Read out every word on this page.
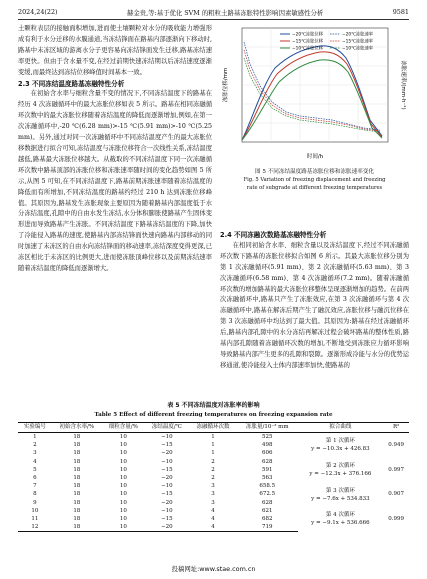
2024,24(22)	赫金贵,等:基于优化 SVM 的粗粒土路基冻胀特性影响因素敏感性分析	9581

土颗粒表层的接触面积增加,进而使土壤颗粒对水分的吸收能力增强形成有利于水分迁移的水膜通道,当冻结锋面在路基内部逐渐向下移动时,路基中未冻区域的游离水分子更容易向冻结锋面发生迁移,路基冻结速率更快。但由于含水量不变,在经过前期快速冻结期以后冻结速度逐渐变缓,而最终达到冻结位移峰值时间基本一致。

2.3 不同冻结温度路基冻融特性分析

在初始含水率与细粒含量不变的情况下,不同冻结温度下的路基在经历 4 次冻融循环中的最大冻胀位移如表 5 所示。路基在相同冻融循环次数中的最大冻胀位移随着冻结温度的降低而逐渐增加,例如,在第一次冻融循环中,-20 ℃(6.28 mm)>-15 ℃(5.91 mm)>-10 ℃(5.25 mm)。另外,通过对同一次冻融循环中不同冻结温度产生的最大冻胀位移数据进行拟合可知,冻结温度与冻胀位移符合一次线性关系,冻结温度越低,路基最大冻胀位移越大。从截取的不同冻结温度下同一次冻融循环次数中路基顶部的冻胀位移和冻胀速率随时间的变化趋势如图 5 所示,从图 5 可知,在不同冻结温度下,路基前期冻胀速率随着冻结温度的降低而有所增加,不同冻结温度的路基约经过 210 h 达到冻胀位移峰值。其原因为,路基发生冻胀现象主要原因为随着路基内部温度低于水分冻结温度,孔隙中的自由水发生冻结,水分体积膨胀使路基产生固体变形进而导致路基产生冻胀。不同冻结温度下路基冻结温度的下降,加快了冷能侵入路基的速度,使路基内部冻结锋面快速向路基内部移动的同时加速了未冻区的自由水向冻结锋面的移动速率,冻结深度变得更深,已冻区相比于未冻区的比例更大,进而使冻胀顶峰位移以及前期冻结速率随着冻结温度的降低而逐渐增大。

时间/h
冻胀位移/mm	冻胀速率/(mm·h⁻¹)
−20℃冻胀位移
−15℃冻胀位移
−10℃冻胀位移
−20℃冻胀速率
−15℃冻胀速率
−10℃冻胀速率
图 5 不同冻结温度路基冻胀位移和冻胀速率变化
Fig. 5 Variation of freezing displacement and freezing
rate of subgrade at different freezing temperatures

2.4 不同冻融次数路基冻融特性分析

在相同初始含水率、细粒含量以及冻结温度下,经过不同冻融循环次数下路基的冻胀位移拟合如图 6 所示。其最大冻胀位移分别为第 1 次冻融循环(5.91 mm)、第 2 次冻融循环(5.63 mm)、第 3 次冻融循环(6.58 mm)、第 4 次冻融循环(7.2 mm)。随着冻融循环次数的增加路基的最大冻胀位移整体呈现逐渐增加的趋势。在前两次冻融循环中,路基只产生了冻胀效应,在第 3 次冻融循环与第 4 次冻融循环中,路基在解冻后期产生了融沉效应,冻胀位移与融沉位移在第 3 次冻融循环中均达到了最大值。其原因为:路基在经过冻融循环后,路基内部孔隙中的水分冻结再解冻过程会破坏路基的整体性质,路基内部孔隙随着冻融循环次数的增加,不断地受到冻胀应力循环影响导致路基内部产生更多的孔隙和裂隙。逐渐形成冷能与水分的优势运移通道,使冷能侵入土体内部速率加快,使路基的

表 5 不同冻结温度对冻胀率的影响
Table 5 Effect of different freezing temperatures on freezing expansion rate
实验编号	初始含水率/%	细粒含量/%	冻结温度/℃	冻融循环次数	冻胀量/10⁻³ mm	拟合曲线	R²
1	18	10	−10	1	525	第 1 次循环
y = −10.3x + 426.83	0.949
2	18	10	−15	1	498		
3	18	10	−20	1	606		
4	18	10	−10	2	628	第 2 次循环
y = −12.3x + 376.166	0.997
5	18	10	−15	2	591		
6	18	10	−20	2	563		
7	18	10	−10	3	658.5	第 3 次循环
y = −7.6x + 534.833	0.907
8	18	10	−15	3	672.5		
9	18	10	−20	3	628		
10	18	10	−10	4	621	第 4 次循环
y = −9.1x + 536.666	0.999
11	18	10	−15	4	682		
12	18	10	−20	4	719		
投稿网址:www.stae.com.cn
